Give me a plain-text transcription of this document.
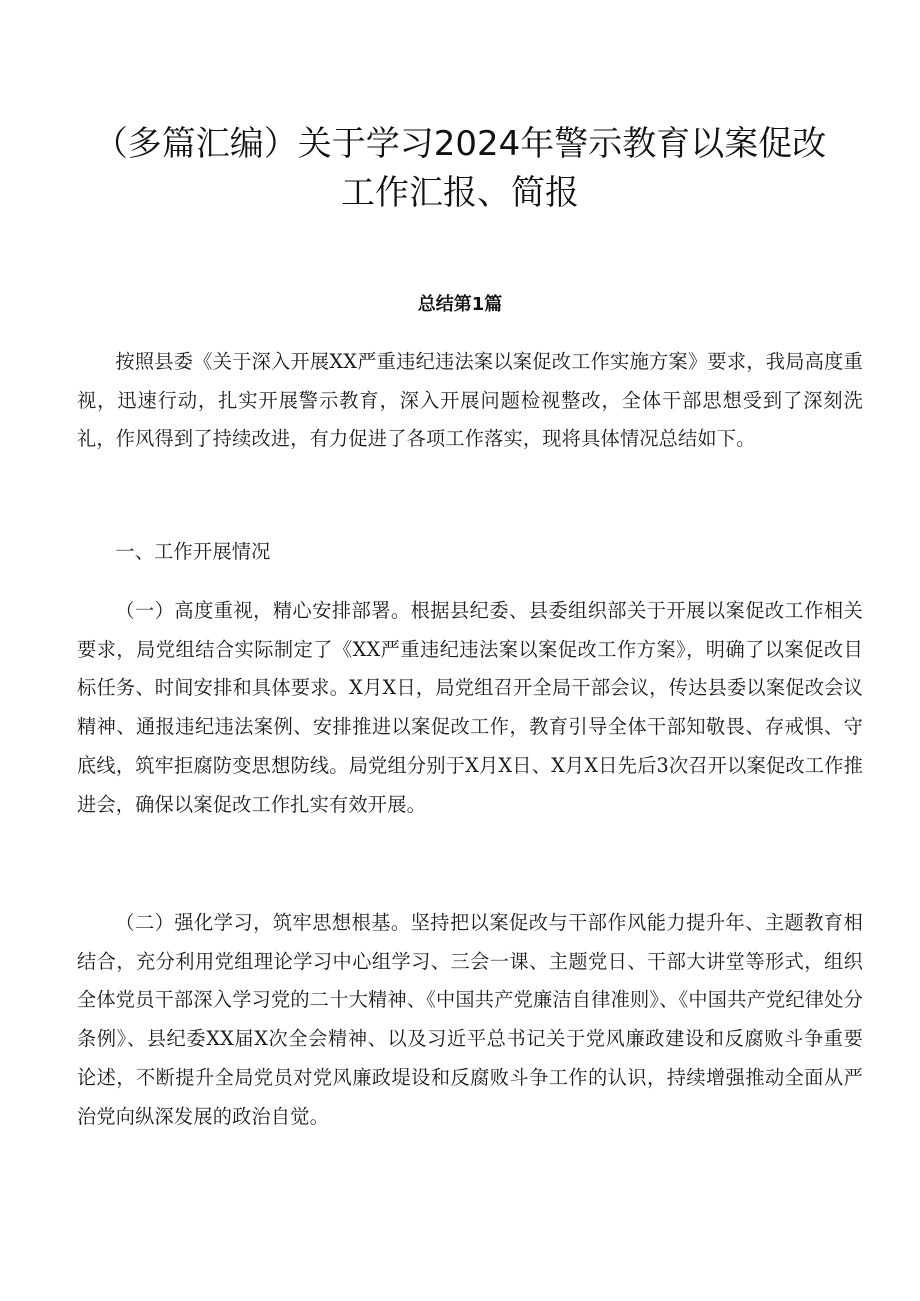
（多篇汇编）关于学习2024年警示教育以案促改工作汇报、简报
总结第1篇

按照县委《关于深入开展XX严重违纪违法案以案促改工作实施方案》要求，我局高度重视，迅速行动，扎实开展警示教育，深入开展问题检视整改，全体干部思想受到了深刻洗礼，作风得到了持续改进，有力促进了各项工作落实，现将具体情况总结如下。

一、工作开展情况

（一）高度重视，精心安排部署。根据县纪委、县委组织部关于开展以案促改工作相关要求，局党组结合实际制定了《XX严重违纪违法案以案促改工作方案》，明确了以案促改目标任务、时间安排和具体要求。X月X日，局党组召开全局干部会议，传达县委以案促改会议精神、通报违纪违法案例、安排推进以案促改工作，教育引导全体干部知敬畏、存戒惧、守底线，筑牢拒腐防变思想防线。局党组分别于X月X日、X月X日先后3次召开以案促改工作推进会，确保以案促改工作扎实有效开展。

（二）强化学习，筑牢思想根基。坚持把以案促改与干部作风能力提升年、主题教育相结合，充分利用党组理论学习中心组学习、三会一课、主题党日、干部大讲堂等形式，组织全体党员干部深入学习党的二十大精神、《中国共产党廉洁自律准则》、《中国共产党纪律处分条例》、县纪委XX届X次全会精神、以及习近平总书记关于党风廉政建设和反腐败斗争重要论述，不断提升全局党员对党风廉政堤设和反腐败斗争工作的认识，持续增强推动全面从严治党向纵深发展的政治自觉。
